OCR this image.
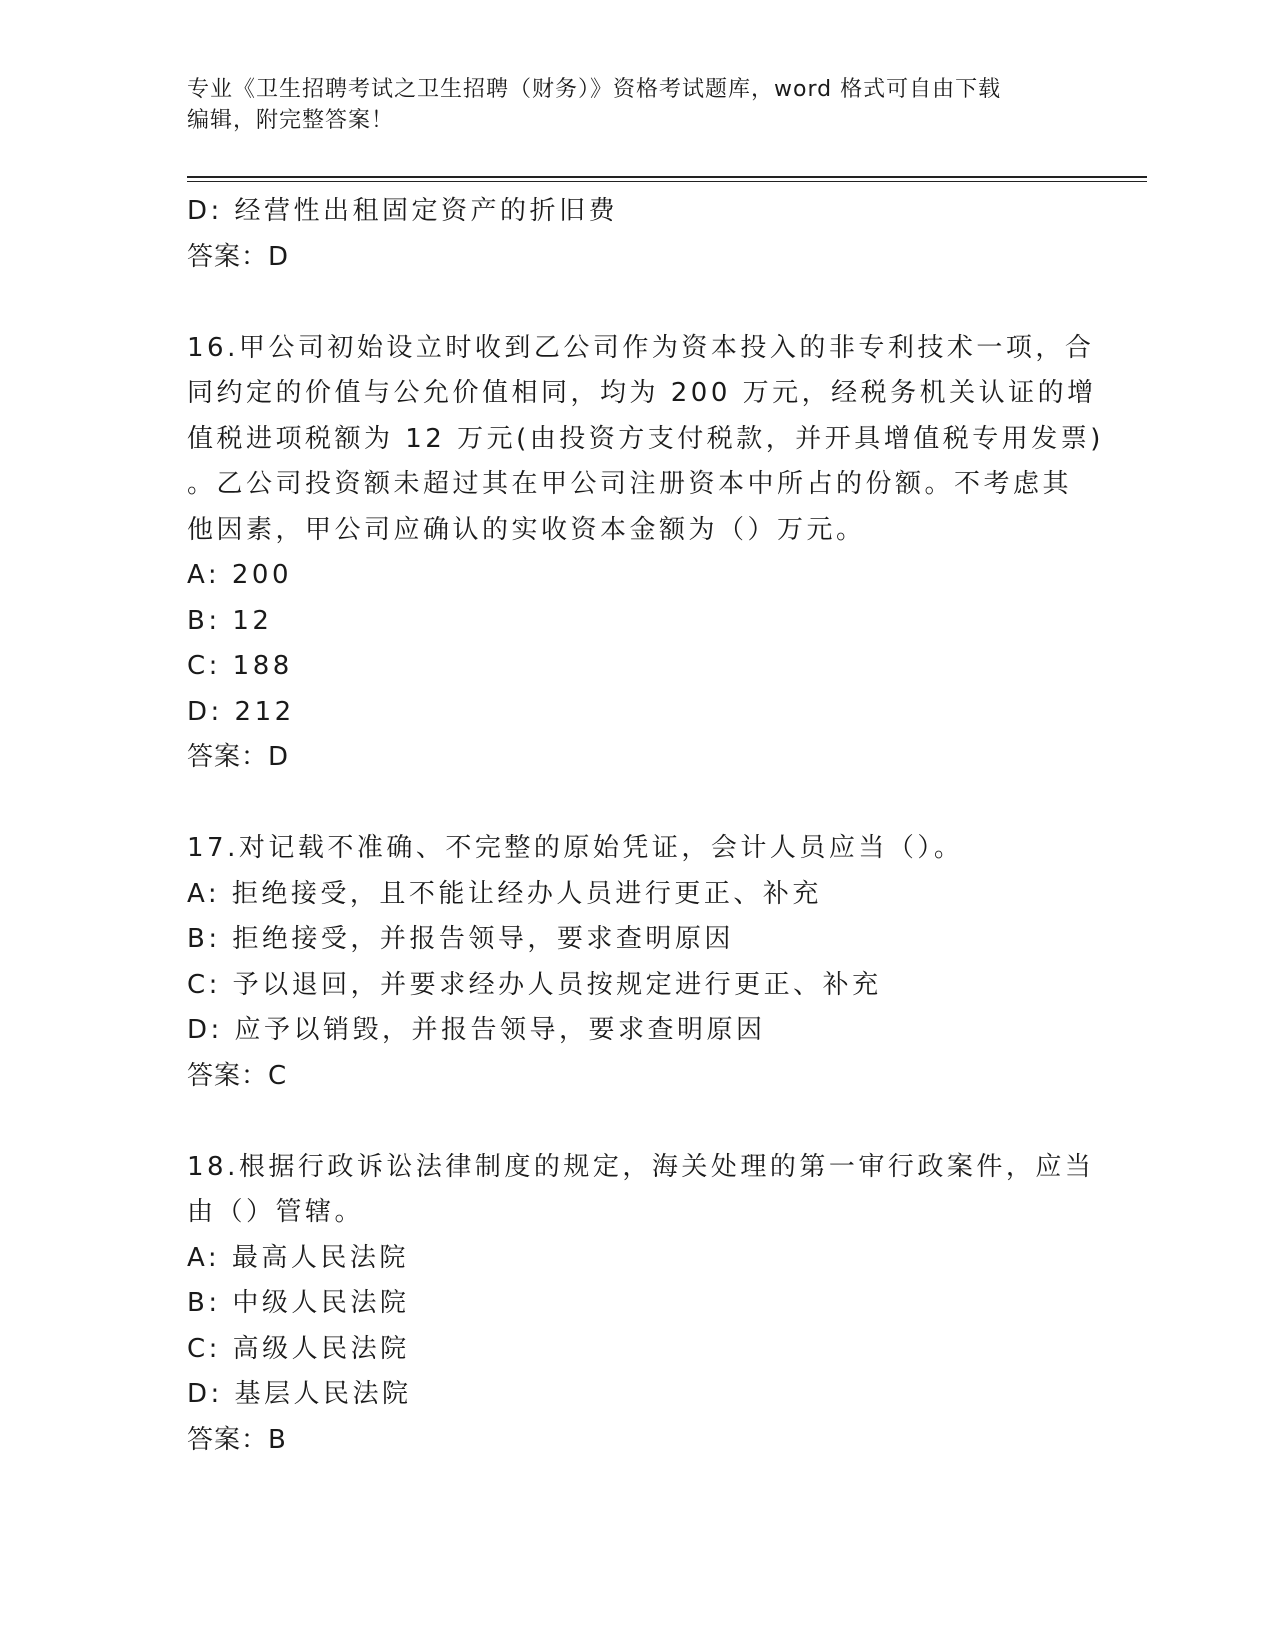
专业《卫生招聘考试之卫生招聘（财务）》资格考试题库，word 格式可自由下载
编辑，附完整答案！
D: 经营性出租固定资产的折旧费
答案：D
16.甲公司初始设立时收到乙公司作为资本投入的非专利技术一项，合
同约定的价值与公允价值相同，均为 200 万元，经税务机关认证的增
值税进项税额为 12 万元(由投资方支付税款，并开具增值税专用发票)
。乙公司投资额未超过其在甲公司注册资本中所占的份额。不考虑其
他因素，甲公司应确认的实收资本金额为（）万元。
A: 200
B: 12
C: 188
D: 212
答案：D
17.对记载不准确、不完整的原始凭证，会计人员应当（）。
A: 拒绝接受，且不能让经办人员进行更正、补充
B: 拒绝接受，并报告领导，要求查明原因
C: 予以退回，并要求经办人员按规定进行更正、补充
D: 应予以销毁，并报告领导，要求查明原因
答案：C
18.根据行政诉讼法律制度的规定，海关处理的第一审行政案件，应当
由（）管辖。
A: 最高人民法院
B: 中级人民法院
C: 高级人民法院
D: 基层人民法院
答案：B
